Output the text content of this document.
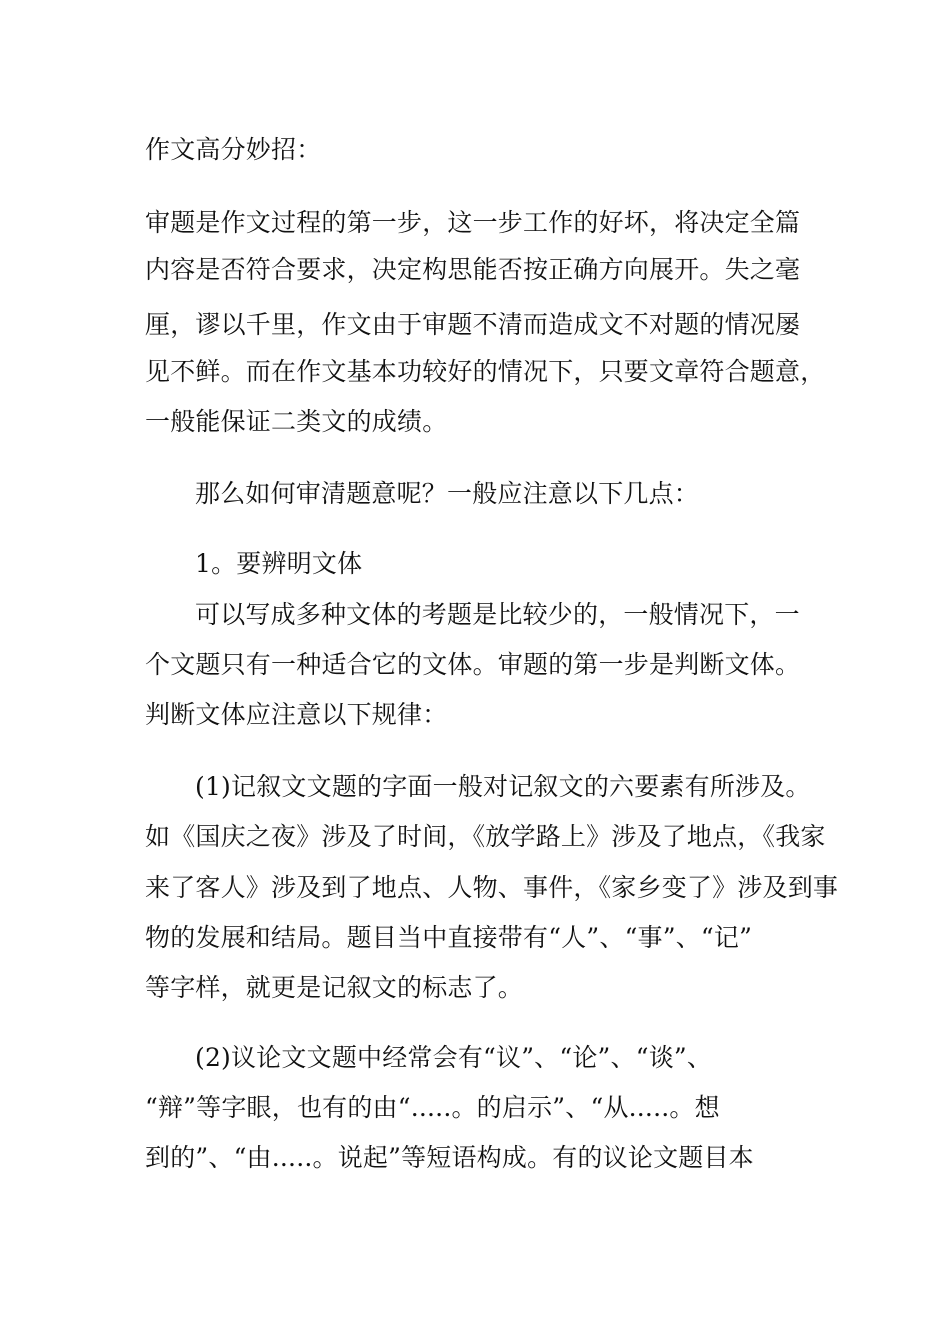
作文高分妙招：
审题是作文过程的第一步，这一步工作的好坏，将决定全篇
内容是否符合要求，决定构思能否按正确方向展开。失之毫
厘，谬以千里，作文由于审题不清而造成文不对题的情况屡
见不鲜。而在作文基本功较好的情况下，只要文章符合题意，
一般能保证二类文的成绩。
那么如何审清题意呢？一般应注意以下几点：
1。要辨明文体
可以写成多种文体的考题是比较少的，一般情况下，一
个文题只有一种适合它的文体。审题的第一步是判断文体。
判断文体应注意以下规律：
(1)记叙文文题的字面一般对记叙文的六要素有所涉及。
如《国庆之夜》涉及了时间，《放学路上》涉及了地点，《我家
来了客人》涉及到了地点、人物、事件，《家乡变了》涉及到事
物的发展和结局。题目当中直接带有“人”、“事”、“记”
等字样，就更是记叙文的标志了。
(2)议论文文题中经常会有“议”、“论”、“谈”、
“辩”等字眼，也有的由“.....。的启示”、“从.....。想
到的”、“由.....。说起”等短语构成。有的议论文题目本
